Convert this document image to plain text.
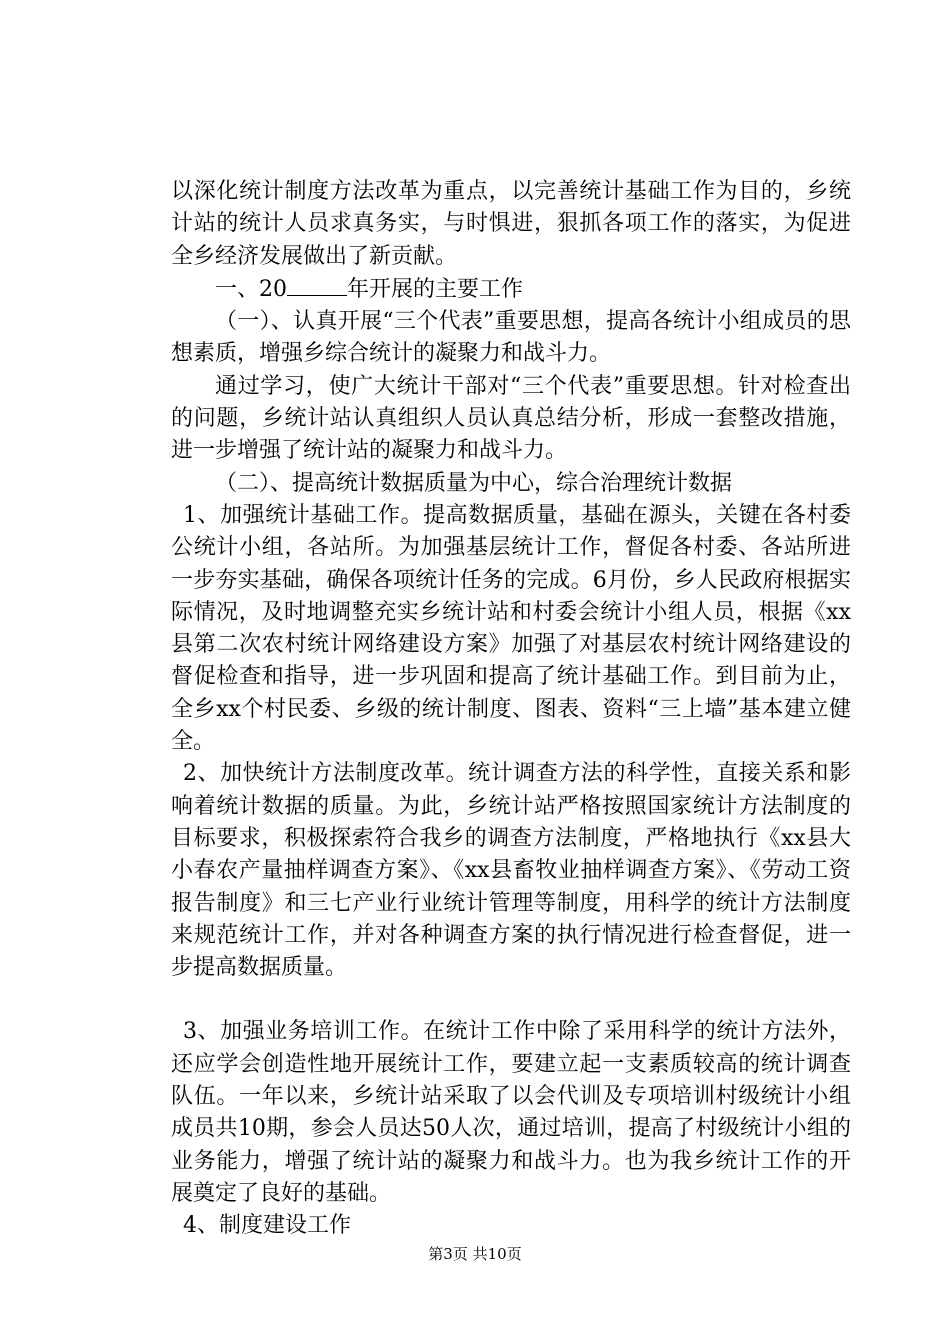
以深化统计制度方法改革为重点，以完善统计基础工作为目的，乡统计站的统计人员求真务实，与时惧进，狠抓各项工作的落实，为促进全乡经济发展做出了新贡献。

一、20	年开展的主要工作

（一）、认真开展“三个代表”重要思想，提高各统计小组成员的思想素质，增强乡综合统计的凝聚力和战斗力。

通过学习，使广大统计干部对“三个代表”重要思想。针对检查出的问题，乡统计站认真组织人员认真总结分析，形成一套整改措施，进一步增强了统计站的凝聚力和战斗力。

（二）、提高统计数据质量为中心，综合治理统计数据

1、加强统计基础工作。提高数据质量，基础在源头，关键在各村委公统计小组，各站所。为加强基层统计工作，督促各村委、各站所进一步夯实基础，确保各项统计任务的完成。6月份，乡人民政府根据实际情况，及时地调整充实乡统计站和村委会统计小组人员，根据《xx县第二次农村统计网络建设方案》加强了对基层农村统计网络建设的督促检查和指导，进一步巩固和提高了统计基础工作。到目前为止，全乡xx个村民委、乡级的统计制度、图表、资料“三上墙”基本建立健全。

2、加快统计方法制度改革。统计调查方法的科学性，直接关系和影响着统计数据的质量。为此，乡统计站严格按照国家统计方法制度的目标要求，积极探索符合我乡的调查方法制度，严格地执行《xx县大小春农产量抽样调查方案》、《xx县畜牧业抽样调查方案》、《劳动工资报告制度》和三七产业行业统计管理等制度，用科学的统计方法制度来规范统计工作，并对各种调查方案的执行情况进行检查督促，进一步提高数据质量。

3、加强业务培训工作。在统计工作中除了采用科学的统计方法外，还应学会创造性地开展统计工作，要建立起一支素质较高的统计调查队伍。一年以来，乡统计站采取了以会代训及专项培训村级统计小组成员共10期，参会人员达50人次，通过培训，提高了村级统计小组的业务能力，增强了统计站的凝聚力和战斗力。也为我乡统计工作的开展奠定了良好的基础。

4、制度建设工作

第3页 共10页
